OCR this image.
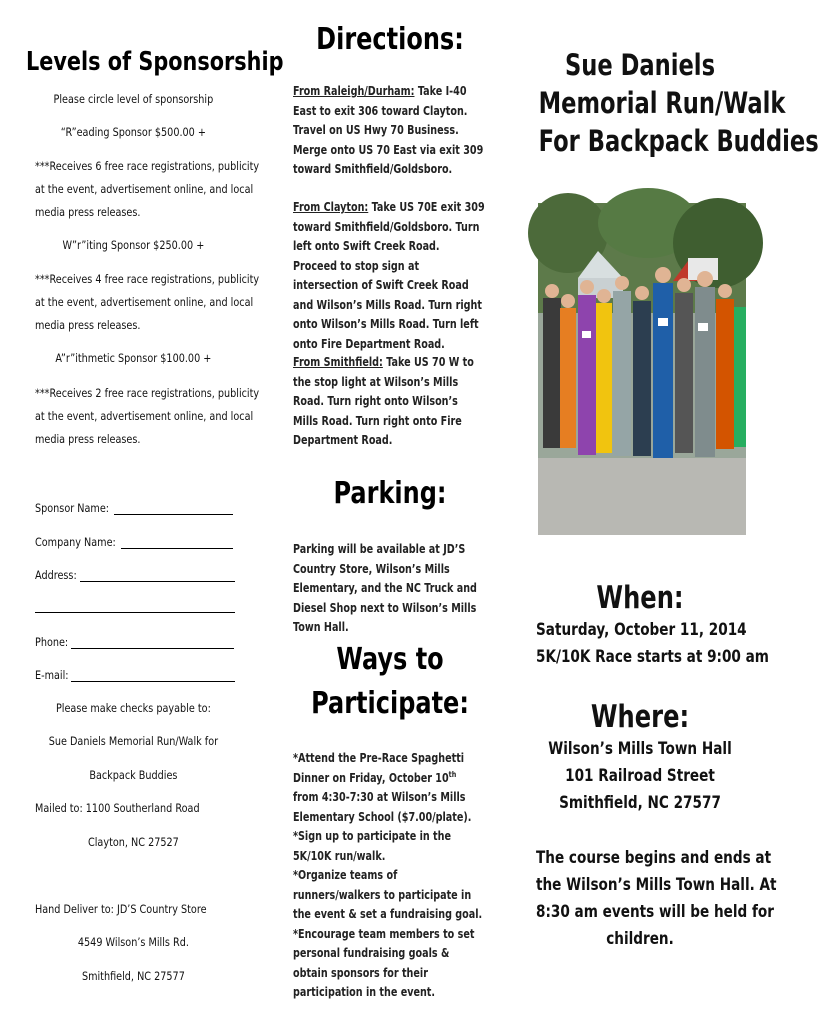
Levels of Sponsorship
Please circle level of sponsorship
“R”eading Sponsor $500.00 +
***Receives 6 free race registrations, publicity
at the event, advertisement online, and local
media press releases.
W”r”iting Sponsor $250.00 +
***Receives 4 free race registrations, publicity
at the event, advertisement online, and local
media press releases.
A”r”ithmetic Sponsor $100.00 +
***Receives 2 free race registrations, publicity
at the event, advertisement online, and local
media press releases.
Sponsor Name:
Company Name:
Address:
Phone:
E-mail:
Please make checks payable to:
Sue Daniels Memorial Run/Walk for
Backpack Buddies
Mailed to: 1100 Southerland Road
Clayton, NC 27527
Hand Deliver to: JD’S Country Store
4549 Wilson’s Mills Rd.
Smithfield, NC 27577
Directions:
From Raleigh/Durham: Take I-40 East to exit 306 toward Clayton. Travel on US Hwy 70 Business. Merge onto US 70 East via exit 309 toward Smithfield/Goldsboro.
From Clayton: Take US 70E exit 309 toward Smithfield/Goldsboro. Turn left onto Swift Creek Road. Proceed to stop sign at intersection of Swift Creek Road and Wilson’s Mills Road. Turn right onto Wilson’s Mills Road. Turn left onto Fire Department Road.
From Smithfield: Take US 70 W to the stop light at Wilson’s Mills Road. Turn right onto Wilson’s Mills Road. Turn right onto Fire Department Road.
Parking:
Parking will be available at JD’S Country Store, Wilson’s Mills Elementary, and the NC Truck and Diesel Shop next to Wilson’s Mills Town Hall.
Ways to
Participate:
*Attend the Pre-Race Spaghetti Dinner on Friday, October 10th from 4:30-7:30 at Wilson’s Mills Elementary School ($7.00/plate).
*Sign up to participate in the 5K/10K run/walk.
*Organize teams of runners/walkers to participate in the event & set a fundraising goal.
*Encourage team members to set personal fundraising goals & obtain sponsors for their participation in the event.
Sue Daniels
Memorial Run/Walk
For Backpack Buddies
When:
Saturday, October 11, 2014
5K/10K Race starts at 9:00 am
Where:
Wilson’s Mills Town Hall
101 Railroad Street
Smithfield, NC 27577
The course begins and ends at
the Wilson’s Mills Town Hall. At
8:30 am events will be held for
children.
